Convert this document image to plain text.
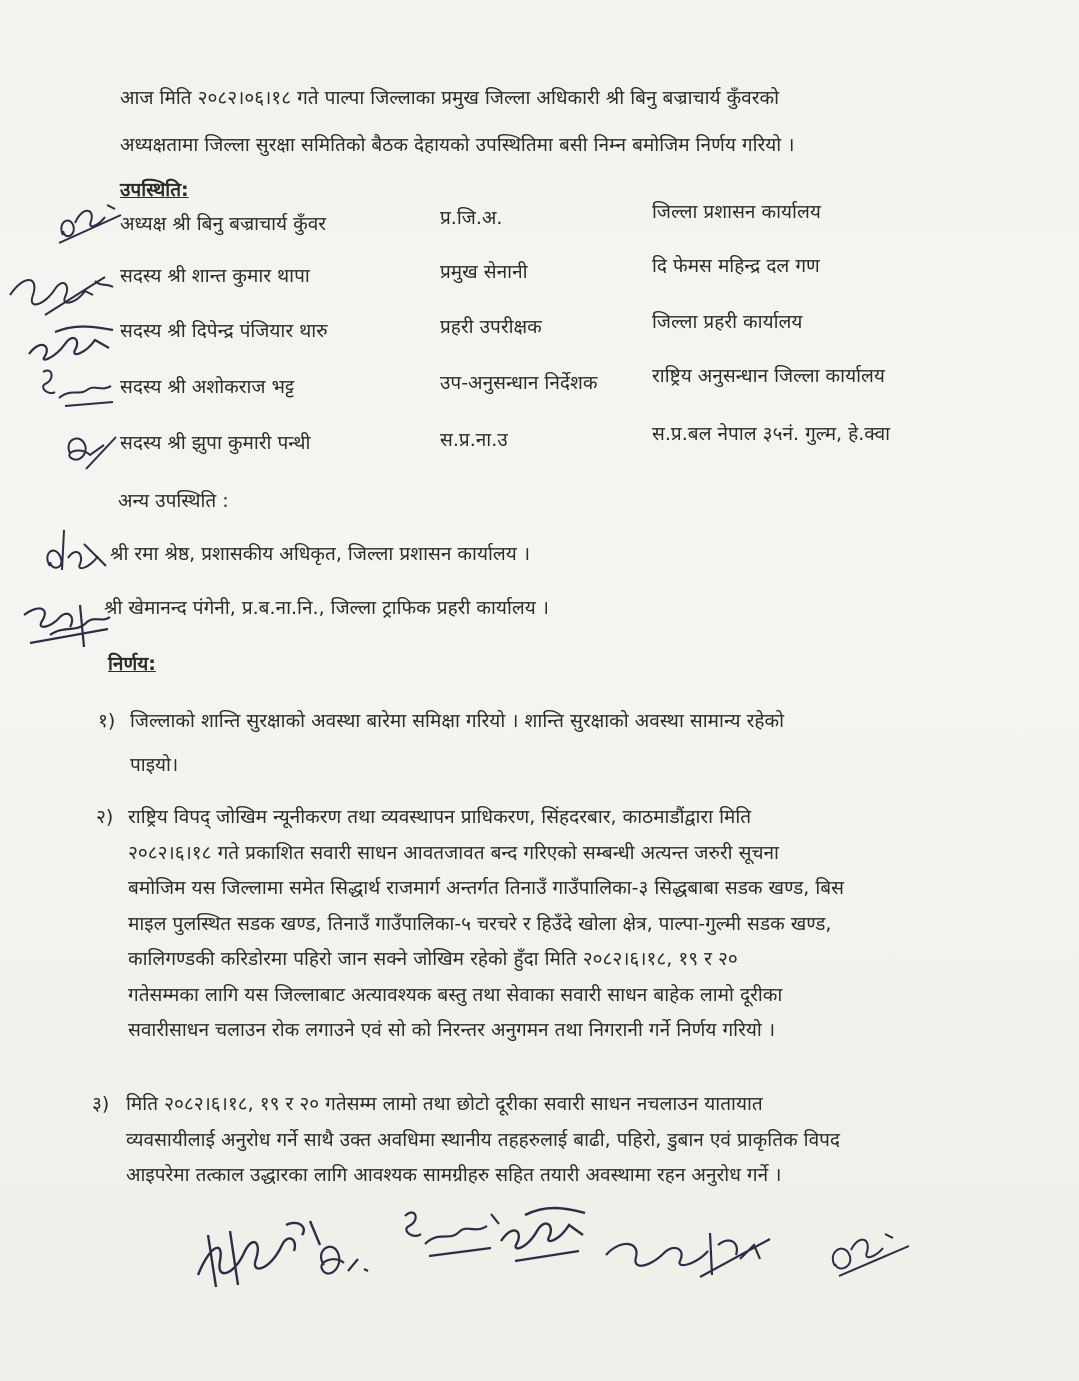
आज मिति २०८२।०६।१८ गते पाल्पा जिल्लाका प्रमुख जिल्ला अधिकारी श्री बिनु बज्राचार्य कुँवरको
अध्यक्षतामा जिल्ला सुरक्षा समितिको बैठक देहायको उपस्थितिमा बसी निम्न बमोजिम निर्णय गरियो ।
उपस्थिति:
अध्यक्ष श्री बिनु बज्राचार्य कुँवर	प्र.जि.अ.	जिल्ला प्रशासन कार्यालय
सदस्य श्री शान्त कुमार थापा	प्रमुख सेनानी	दि फेमस महिन्द्र दल गण
सदस्य श्री दिपेन्द्र पंजियार थारु	प्रहरी उपरीक्षक	जिल्ला प्रहरी कार्यालय
सदस्य श्री अशोकराज भट्ट	उप-अनुसन्धान निर्देशक	राष्ट्रिय अनुसन्धान जिल्ला कार्यालय
सदस्य श्री झुपा कुमारी पन्थी	स.प्र.ना.उ	स.प्र.बल नेपाल ३५नं. गुल्म, हे.क्वा
अन्य उपस्थिति :
श्री रमा श्रेष्ठ, प्रशासकीय अधिकृत, जिल्ला प्रशासन कार्यालय ।
श्री खेमानन्द पंगेनी, प्र.ब.ना.नि., जिल्ला ट्राफिक प्रहरी कार्यालय ।
निर्णय:
१) जिल्लाको शान्ति सुरक्षाको अवस्था बारेमा समिक्षा गरियो । शान्ति सुरक्षाको अवस्था सामान्य रहेको
पाइयो।
२) राष्ट्रिय विपद् जोखिम न्यूनीकरण तथा व्यवस्थापन प्राधिकरण, सिंहदरबार, काठमाडौंद्वारा मिति
२०८२।६।१८ गते प्रकाशित सवारी साधन आवतजावत बन्द गरिएको सम्बन्धी अत्यन्त जरुरी सूचना
बमोजिम यस जिल्लामा समेत सिद्धार्थ राजमार्ग अन्तर्गत तिनाउँ गाउँपालिका-३ सिद्धबाबा सडक खण्ड, बिस
माइल पुलस्थित सडक खण्ड, तिनाउँ गाउँपालिका-५ चरचरे र हिउँदे खोला क्षेत्र, पाल्पा-गुल्मी सडक खण्ड,
कालिगण्डकी करिडोरमा पहिरो जान सक्ने जोखिम रहेको हुँदा मिति २०८२।६।१८, १९ र २०
गतेसम्मका लागि यस जिल्लाबाट अत्यावश्यक बस्तु तथा सेवाका सवारी साधन बाहेक लामो दूरीका
सवारीसाधन चलाउन रोक लगाउने एवं सो को निरन्तर अनुगमन तथा निगरानी गर्ने निर्णय गरियो ।
३) मिति २०८२।६।१८, १९ र २० गतेसम्म लामो तथा छोटो दूरीका सवारी साधन नचलाउन यातायात
व्यवसायीलाई अनुरोध गर्ने साथै उक्त अवधिमा स्थानीय तहहरुलाई बाढी, पहिरो, डुबान एवं प्राकृतिक विपद
आइपरेमा तत्काल उद्धारका लागि आवश्यक सामग्रीहरु सहित तयारी अवस्थामा रहन अनुरोध गर्ने ।
